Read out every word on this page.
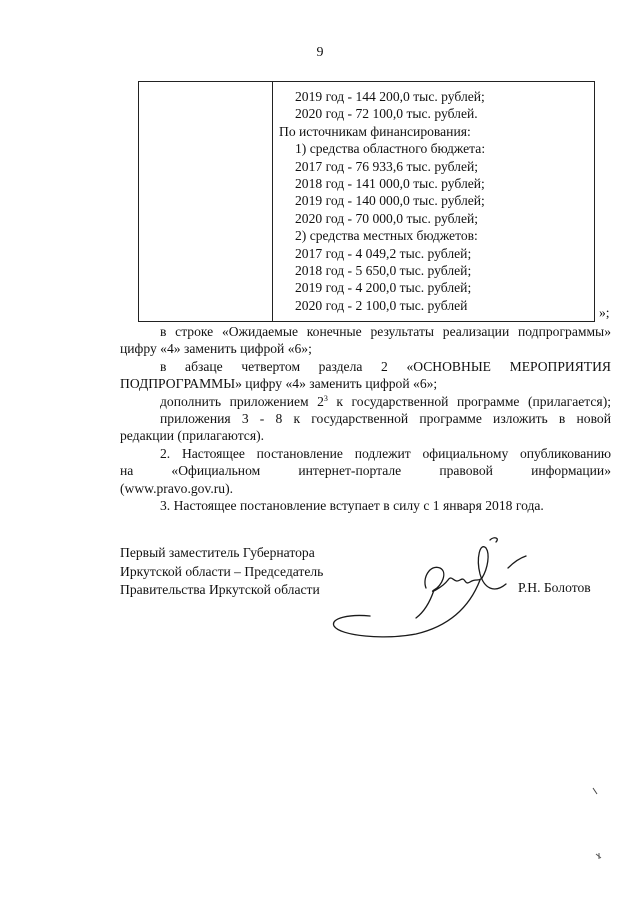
9

2019 год - 144 200,0 тыс. рублей;
2020 год - 72 100,0 тыс. рублей.
По источникам финансирования:
1) средства областного бюджета:
2017 год - 76 933,6 тыс. рублей;
2018 год - 141 000,0 тыс. рублей;
2019 год - 140 000,0 тыс. рублей;
2020 год - 70 000,0 тыс. рублей;
2) средства местных бюджетов:
2017 год - 4 049,2 тыс. рублей;
2018 год - 5 650,0 тыс. рублей;
2019 год - 4 200,0 тыс. рублей;
2020 год - 2 100,0 тыс. рублей	»;
в строке «Ожидаемые конечные результаты реализации подпрограммы»
цифру «4» заменить цифрой «6»;
в абзаце четвертом раздела 2 «ОСНОВНЫЕ МЕРОПРИЯТИЯ
ПОДПРОГРАММЫ» цифру «4» заменить цифрой «6»;
дополнить приложением $2^3$ к государственной программе (прилагается);
приложения 3 - 8 к государственной программе изложить в новой
редакции (прилагаются).
2. Настоящее постановление подлежит официальному опубликованию
на «Официальном интернет-портале правовой информации»
(www.pravo.gov.ru).
3. Настоящее постановление вступает в силу с 1 января 2018 года.
Первый заместитель Губернатора
Иркутской области – Председатель
Правительства Иркутской области	Р.Н. Болотов
